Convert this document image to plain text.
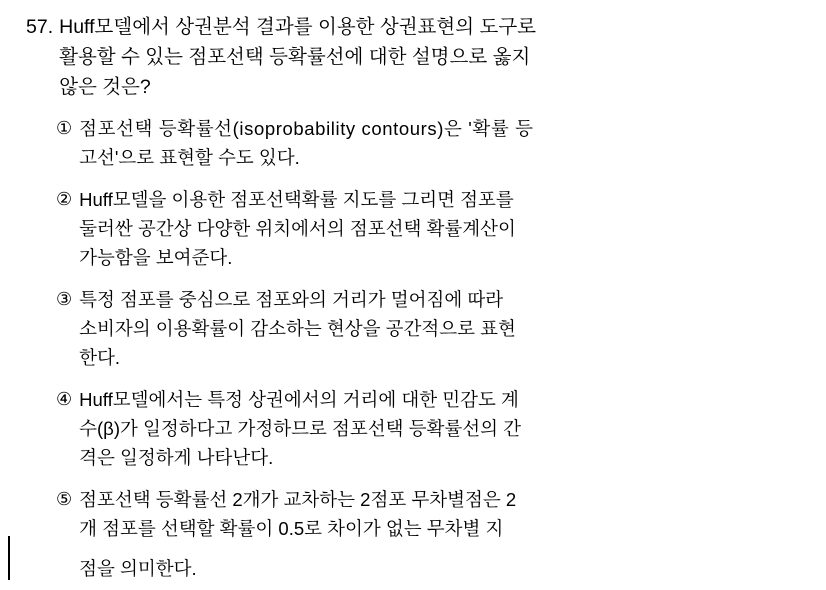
57. Huff모델에서 상권분석 결과를 이용한 상권표현의 도구로
활용할 수 있는 점포선택 등확률선에 대한 설명으로 옳지
않은 것은?
① 점포선택 등확률선(isoprobability contours)은 '확률 등
고선'으로 표현할 수도 있다.
② Huff모델을 이용한 점포선택확률 지도를 그리면 점포를
둘러싼 공간상 다양한 위치에서의 점포선택 확률계산이
가능함을 보여준다.
③ 특정 점포를 중심으로 점포와의 거리가 멀어짐에 따라
소비자의 이용확률이 감소하는 현상을 공간적으로 표현
한다.
④ Huff모델에서는 특정 상권에서의 거리에 대한 민감도 계
수(β)가 일정하다고 가정하므로 점포선택 등확률선의 간
격은 일정하게 나타난다.
⑤ 점포선택 등확률선 2개가 교차하는 2점포 무차별점은 2
개 점포를 선택할 확률이 0.5로 차이가 없는 무차별 지
점을 의미한다.
